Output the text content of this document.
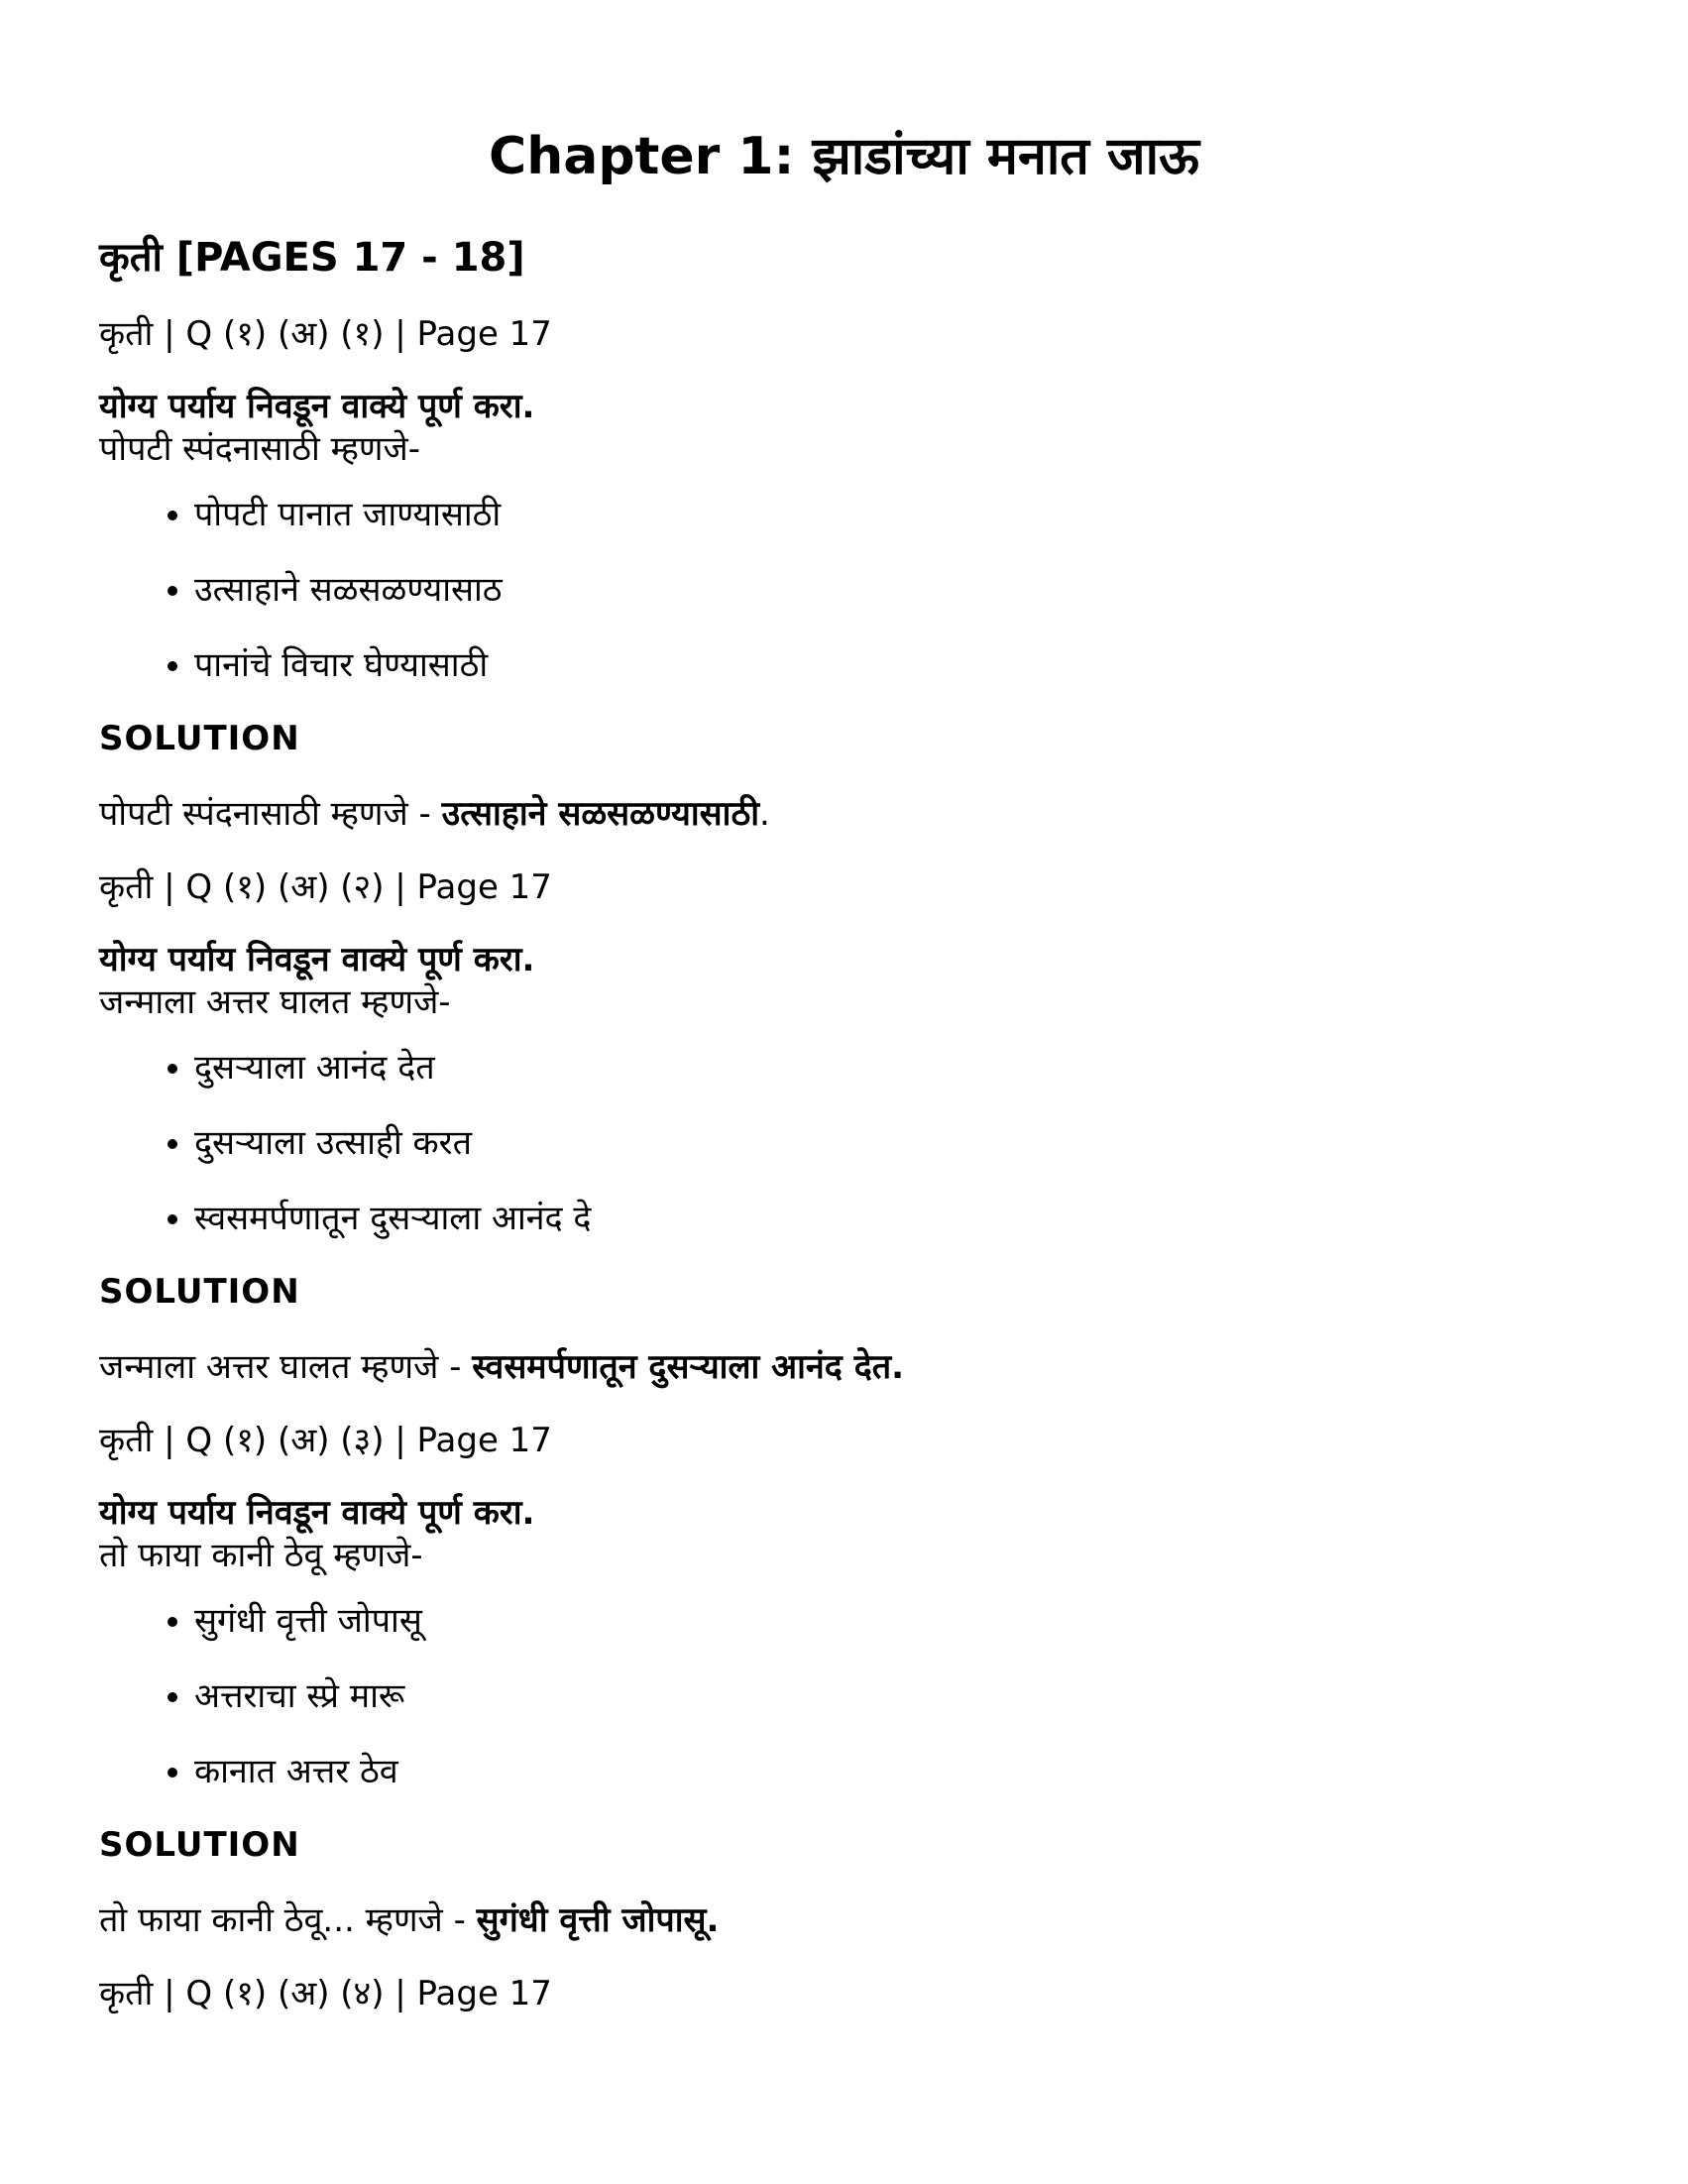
Chapter 1: झाडांच्या मनात जाऊ
कृती [PAGES 17 - 18]

कृती | Q (१) (अ) (१) | Page 17

योग्य पर्याय निवडून वाक्ये पूर्ण करा.

पोपटी स्पंदनासाठी म्हणजे-

• पोपटी पानात जाण्यासाठी
• उत्साहाने सळसळण्यासाठ
• पानांचे विचार घेण्यासाठी

SOLUTION

पोपटी स्पंदनासाठी म्हणजे - उत्साहाने सळसळण्यासाठी.

कृती | Q (१) (अ) (२) | Page 17

योग्य पर्याय निवडून वाक्ये पूर्ण करा.

जन्माला अत्तर घालत म्हणजे-

• दुसऱ्याला आनंद देत
• दुसऱ्याला उत्साही करत
• स्वसमर्पणातून दुसऱ्याला आनंद दे

SOLUTION

जन्माला अत्तर घालत म्हणजे - स्वसमर्पणातून दुसऱ्याला आनंद देत.

कृती | Q (१) (अ) (३) | Page 17

योग्य पर्याय निवडून वाक्ये पूर्ण करा.

तो फाया कानी ठेवू म्हणजे-

• सुगंधी वृत्ती जोपासू
• अत्तराचा स्प्रे मारू
• कानात अत्तर ठेव

SOLUTION

तो फाया कानी ठेवू... म्हणजे - सुगंधी वृत्ती जोपासू.

कृती | Q (१) (अ) (४) | Page 17
